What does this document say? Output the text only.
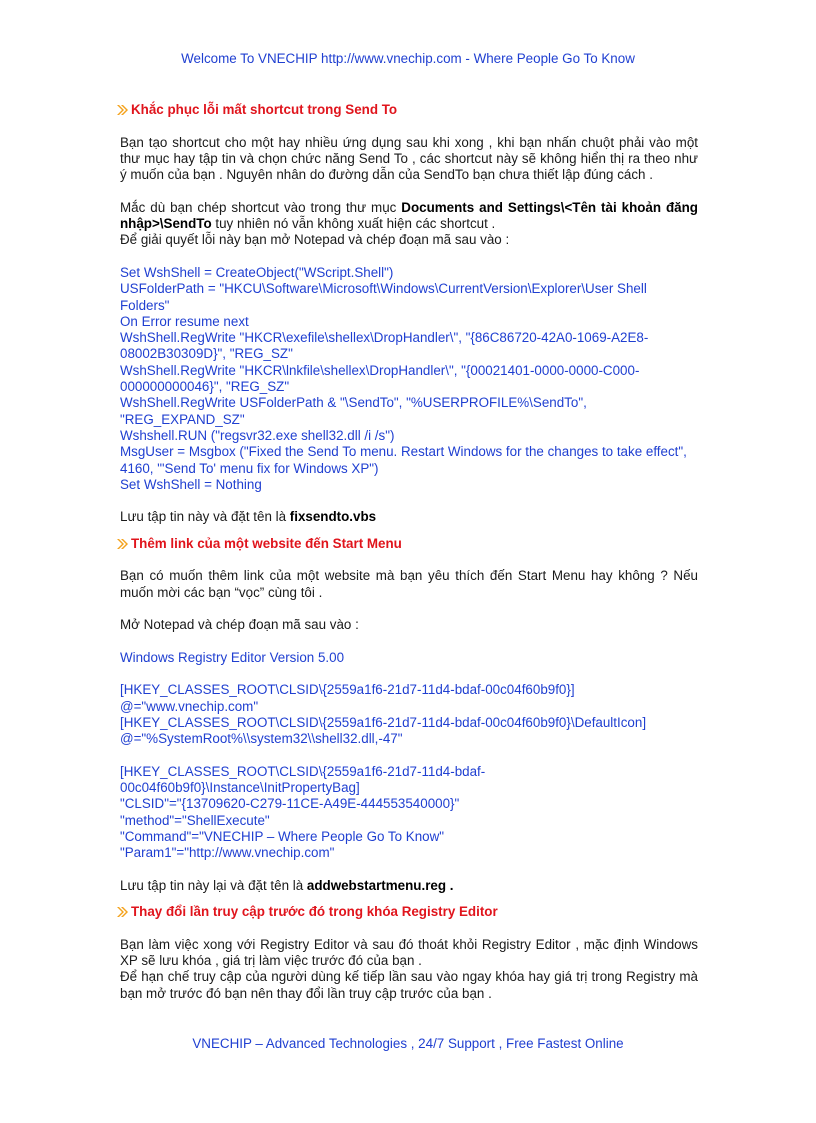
Welcome To VNECHIP http://www.vnechip.com - Where People Go To Know
Khắc phục lỗi mất shortcut trong Send To

Bạn tạo shortcut cho một hay nhiều ứng dụng sau khi xong , khi bạn nhấn chuột phải vào một thư mục hay tập tin và chọn chức năng Send To , các shortcut này sẽ không hiển thị ra theo như ý muốn của bạn . Nguyên nhân do đường dẫn của SendTo bạn chưa thiết lập đúng cách .

Mắc dù bạn chép shortcut vào trong thư mục Documents and Settings\<Tên tài khoản đăng nhập>\SendTo tuy nhiên nó vẫn không xuất hiện các shortcut .

Để giải quyết lỗi này bạn mở Notepad và chép đoạn mã sau vào :

Set WshShell = CreateObject("WScript.Shell")
USFolderPath = "HKCU\Software\Microsoft\Windows\CurrentVersion\Explorer\User Shell Folders"
On Error resume next
WshShell.RegWrite "HKCR\exefile\shellex\DropHandler\", "{86C86720-42A0-1069-A2E8-08002B30309D}", "REG_SZ"
WshShell.RegWrite "HKCR\lnkfile\shellex\DropHandler\", "{00021401-0000-0000-C000-000000000046}", "REG_SZ"
WshShell.RegWrite USFolderPath & "\SendTo", "%USERPROFILE%\SendTo", "REG_EXPAND_SZ"
Wshshell.RUN ("regsvr32.exe shell32.dll /i /s")
MsgUser = Msgbox ("Fixed the Send To menu. Restart Windows for the changes to take effect", 4160, "'Send To' menu fix for Windows XP")
Set WshShell = Nothing

Lưu tập tin này và đặt tên là fixsendto.vbs

Thêm link của một website đến Start Menu

Bạn có muốn thêm link của một website mà bạn yêu thích đến Start Menu hay không ? Nếu muốn mời các bạn “vọc” cùng tôi .

Mở Notepad và chép đoạn mã sau vào :

Windows Registry Editor Version 5.00
[HKEY_CLASSES_ROOT\CLSID\{2559a1f6-21d7-11d4-bdaf-00c04f60b9f0}]
@="www.vnechip.com"
[HKEY_CLASSES_ROOT\CLSID\{2559a1f6-21d7-11d4-bdaf-00c04f60b9f0}\DefaultIcon]
@="%SystemRoot%\\system32\\shell32.dll,-47"
[HKEY_CLASSES_ROOT\CLSID\{2559a1f6-21d7-11d4-bdaf-00c04f60b9f0}\Instance\InitPropertyBag]
"CLSID"="{13709620-C279-11CE-A49E-444553540000}"
"method"="ShellExecute"
"Command"="VNECHIP – Where People Go To Know"
"Param1"="http://www.vnechip.com"

Lưu tập tin này lại và đặt tên là addwebstartmenu.reg .

Thay đổi lần truy cập trước đó trong khóa Registry Editor

Bạn làm việc xong với Registry Editor và sau đó thoát khỏi Registry Editor , mặc định Windows XP sẽ lưu khóa , giá trị làm việc trước đó của bạn .

Để hạn chế truy cập của người dùng kế tiếp lần sau vào ngay khóa hay giá trị trong Registry mà bạn mở trước đó bạn nên thay đổi lần truy cập trước của bạn .

VNECHIP – Advanced Technologies , 24/7 Support , Free Fastest Online
